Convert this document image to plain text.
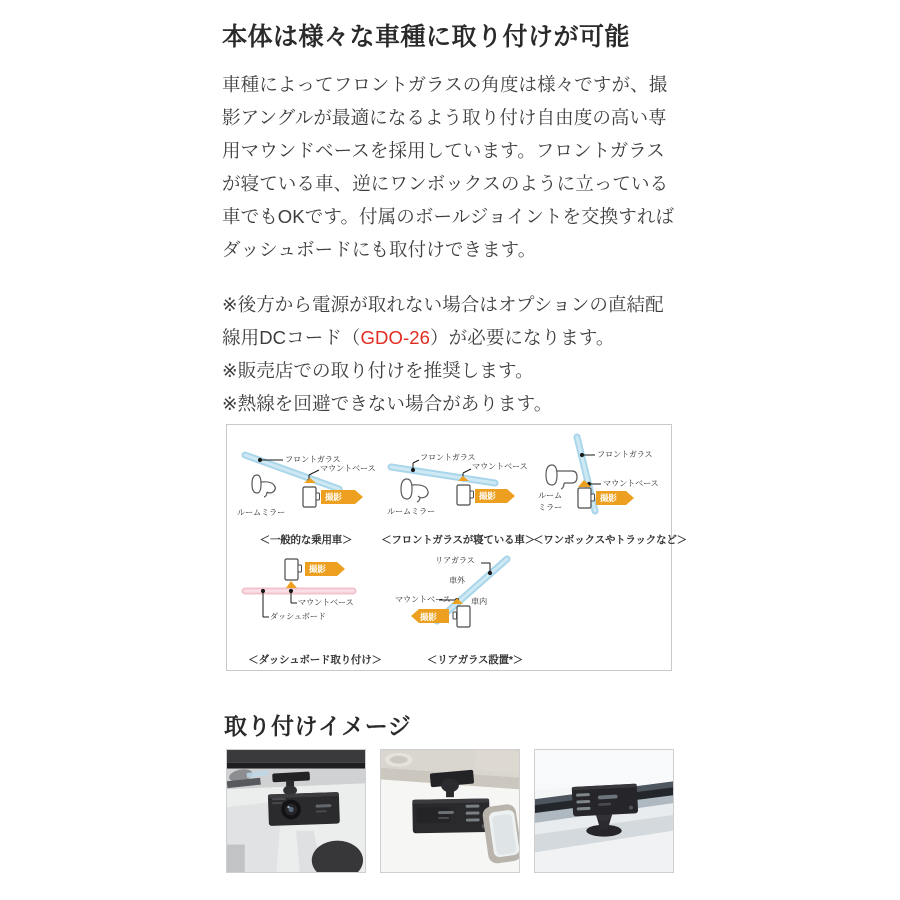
本体は様々な車種に取り付けが可能

車種によってフロントガラスの角度は様々ですが、撮影アングルが最適になるよう取り付け自由度の高い専用マウンドベースを採用しています。フロントガラスが寝ている車、逆にワンボックスのように立っている車でもOKです。付属のボールジョイントを交換すればダッシュボードにも取付けできます。

※後方から電源が取れない場合はオプションの直結配線用DCコード（GDO-26）が必要になります。
※販売店での取り付けを推奨します。
※熱線を回避できない場合があります。
フロントガラス
マウントベース
ルームミラー
撮影
＜一般的な乗用車＞
フロントガラス
マウントベース
ルームミラー
撮影
＜フロントガラスが寝ている車＞
フロントガラス
マウントベース
ルーム
ミラー
撮影
＜ワンボックスやトラックなど＞
マウントベース
ダッシュボード
撮影
＜ダッシュボード取り付け＞
リアガラス
車外
マウントベース 車内
撮影
＜リアガラス設置*＞
取り付けイメージ
